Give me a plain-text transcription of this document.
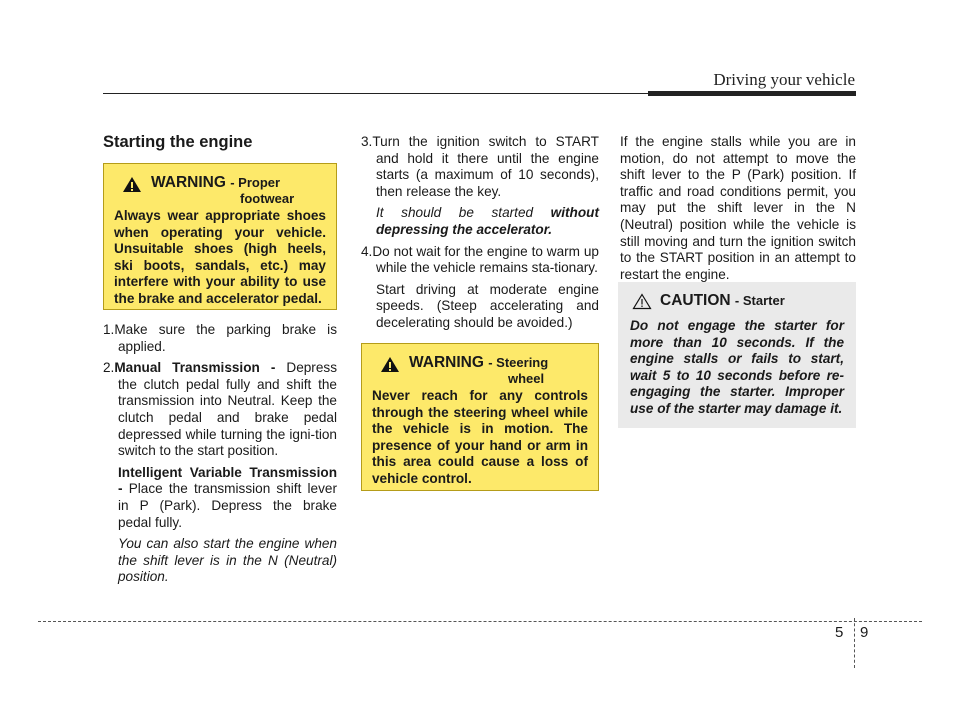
Driving your vehicle
Starting the engine
WARNING - Proper
footwear
Always wear appropriate shoes when operating your vehicle. Unsuitable shoes (high heels, ski boots, sandals, etc.) may interfere with your ability to use the brake and accelerator pedal.

1.Make sure the parking brake is applied.

2.Manual Transmission - Depress the clutch pedal fully and shift the transmission into Neutral. Keep the clutch pedal and brake pedal depressed while turning the igni-tion switch to the start position.

Intelligent Variable Transmission - Place the transmission shift lever in P (Park). Depress the brake pedal fully.

You can also start the engine when the shift lever is in the N (Neutral) position.

3.Turn the ignition switch to START and hold it there until the engine starts (a maximum of 10 seconds), then release the key.

It should be started without depressing the accelerator.

4.Do not wait for the engine to warm up while the vehicle remains sta-tionary.

Start driving at moderate engine speeds. (Steep accelerating and decelerating should be avoided.)

WARNING - Steering
wheel
Never reach for any controls through the steering wheel while the vehicle is in motion. The presence of your hand or arm in this area could cause a loss of vehicle control.
If the engine stalls while you are in motion, do not attempt to move the shift lever to the P (Park) position. If traffic and road conditions permit, you may put the shift lever in the N (Neutral) position while the vehicle is still moving and turn the ignition switch to the START position in an attempt to restart the engine.
CAUTION - Starter
Do not engage the starter for more than 10 seconds. If the engine stalls or fails to start, wait 5 to 10 seconds before re-engaging the starter. Improper use of the starter may damage it.
5 9
